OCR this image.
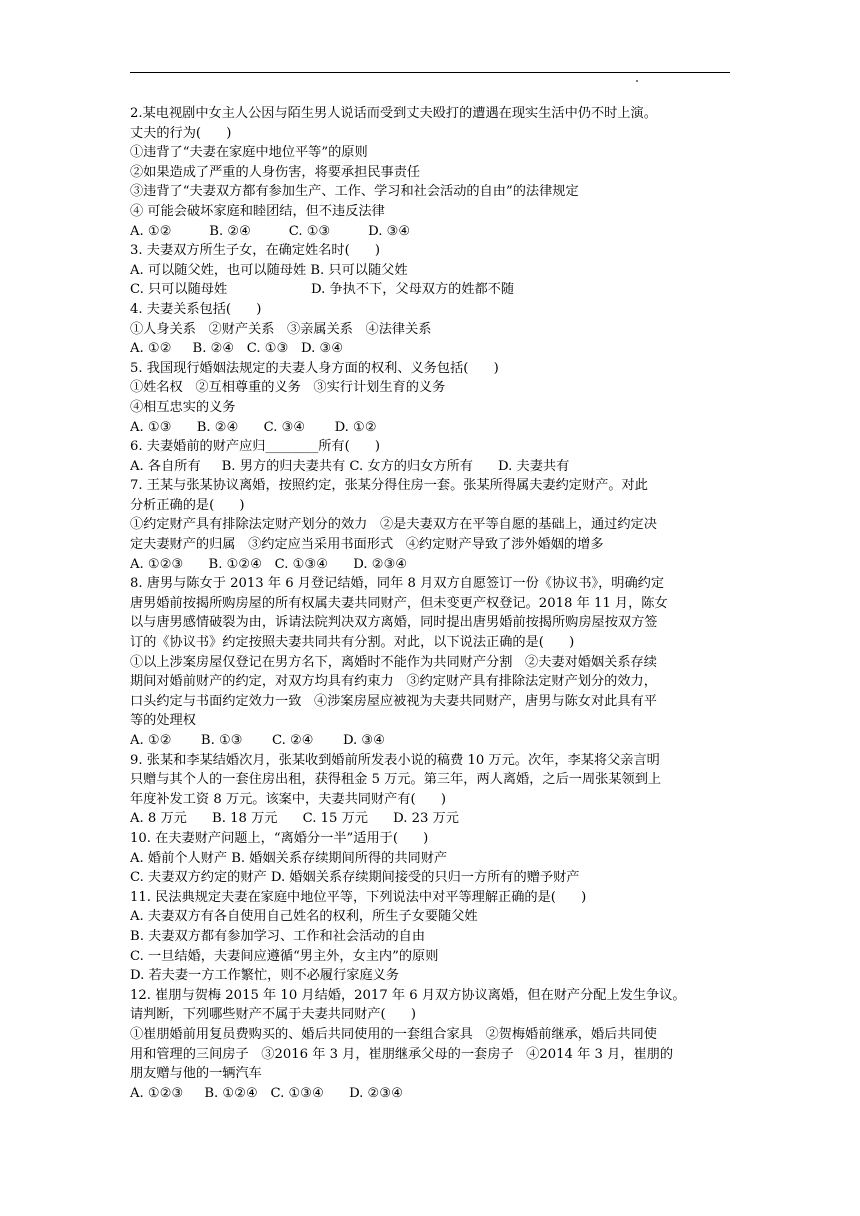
2.某电视剧中女主人公因与陌生男人说话而受到丈夫殴打的遭遇在现实生活中仍不时上演。
丈夫的行为(      )
①违背了“夫妻在家庭中地位平等”的原则
②如果造成了严重的人身伤害，将要承担民事责任
③违背了“夫妻双方都有参加生产、工作、学习和社会活动的自由”的法律规定
④ 可能会破坏家庭和睦团结，但不违反法律
A. ①②         B. ②④         C. ①③         D. ③④
3. 夫妻双方所生子女，在确定姓名时(      )
A. 可以随父姓，也可以随母姓 B. 只可以随父姓
C. 只可以随母姓                    D. 争执不下，父母双方的姓都不随
4. 夫妻关系包括(      )
①人身关系   ②财产关系   ③亲属关系   ④法律关系
A. ①②     B. ②④   C. ①③   D. ③④
5. 我国现行婚姻法规定的夫妻人身方面的权利、义务包括(      )
①姓名权   ②互相尊重的义务   ③实行计划生育的义务
④相互忠实的义务
A. ①③      B. ②④      C. ③④       D. ①②
6. 夫妻婚前的财产应归________所有(      )
A. 各自所有     B. 男方的归夫妻共有 C. 女方的归女方所有      D. 夫妻共有
7. 王某与张某协议离婚，按照约定，张某分得住房一套。张某所得属夫妻约定财产。对此
分析正确的是(      )
①约定财产具有排除法定财产划分的效力   ②是夫妻双方在平等自愿的基础上，通过约定决
定夫妻财产的归属   ③约定应当采用书面形式   ④约定财产导致了涉外婚姻的增多
A. ①②③      B. ①②④   C. ①③④      D. ②③④
8. 唐男与陈女于 2013 年 6 月登记结婚，同年 8 月双方自愿签订一份《协议书》，明确约定
唐男婚前按揭所购房屋的所有权属夫妻共同财产，但未变更产权登记。2018 年 11 月，陈女
以与唐男感情破裂为由，诉请法院判决双方离婚，同时提出唐男婚前按揭所购房屋按双方签
订的《协议书》约定按照夫妻共同共有分割。对此，以下说法正确的是(      )
①以上涉案房屋仅登记在男方名下，离婚时不能作为共同财产分割   ②夫妻对婚姻关系存续
期间对婚前财产的约定，对双方均具有约束力   ③约定财产具有排除法定财产划分的效力，
口头约定与书面约定效力一致   ④涉案房屋应被视为夫妻共同财产，唐男与陈女对此具有平
等的处理权
A. ①②       B. ①③       C. ②④       D. ③④
9. 张某和李某结婚次月，张某收到婚前所发表小说的稿费 10 万元。次年，李某将父亲言明
只赠与其个人的一套住房出租，获得租金 5 万元。第三年，两人离婚，之后一周张某领到上
年度补发工资 8 万元。该案中，夫妻共同财产有(      )
A. 8 万元      B. 18 万元      C. 15 万元      D. 23 万元
10. 在夫妻财产问题上，“离婚分一半”适用于(      )
A. 婚前个人财产 B. 婚姻关系存续期间所得的共同财产
C. 夫妻双方约定的财产 D. 婚姻关系存续期间接受的只归一方所有的赠予财产
11. 民法典规定夫妻在家庭中地位平等，下列说法中对平等理解正确的是(      )
A. 夫妻双方有各自使用自己姓名的权利，所生子女要随父姓
B. 夫妻双方都有参加学习、工作和社会活动的自由
C. 一旦结婚，夫妻间应遵循“男主外，女主内”的原则
D. 若夫妻一方工作繁忙，则不必履行家庭义务
12. 崔朋与贺梅 2015 年 10 月结婚，2017 年 6 月双方协议离婚，但在财产分配上发生争议。
请判断，下列哪些财产不属于夫妻共同财产(      )
①崔朋婚前用复员费购买的、婚后共同使用的一套组合家具   ②贺梅婚前继承，婚后共同使
用和管理的三间房子   ③2016 年 3 月，崔朋继承父母的一套房子   ④2014 年 3 月，崔朋的
朋友赠与他的一辆汽车
A. ①②③     B. ①②④   C. ①③④      D. ②③④
